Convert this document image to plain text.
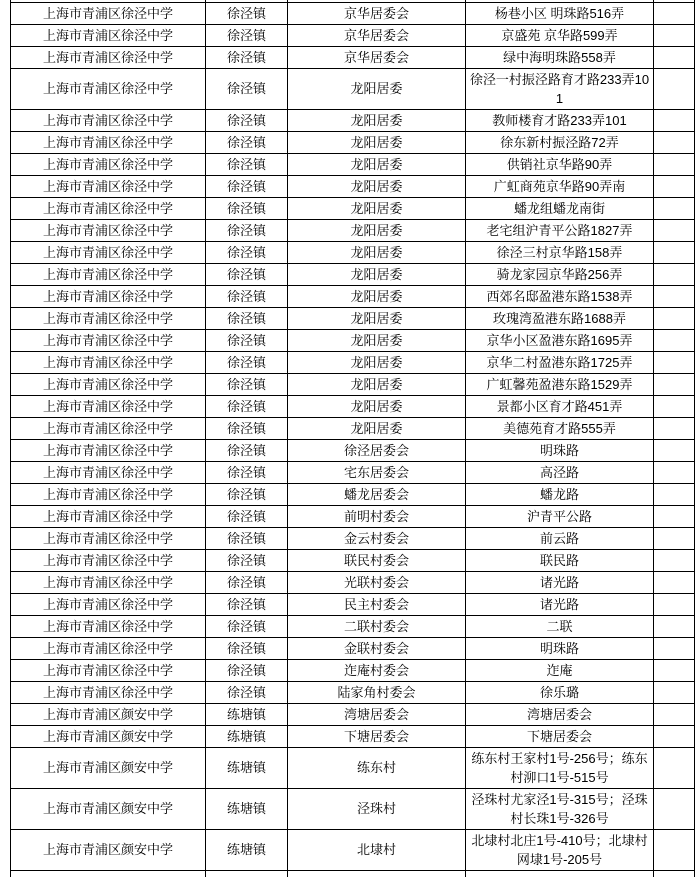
上海市青浦区徐泾中学	徐泾镇	京华居委会	杨巷小区 明珠路516弄	
上海市青浦区徐泾中学	徐泾镇	京华居委会	京盛苑 京华路599弄	
上海市青浦区徐泾中学	徐泾镇	京华居委会	绿中海明珠路558弄	
上海市青浦区徐泾中学	徐泾镇	龙阳居委	徐泾一村振泾路育才路233弄101	
上海市青浦区徐泾中学	徐泾镇	龙阳居委	教师楼育才路233弄101	
上海市青浦区徐泾中学	徐泾镇	龙阳居委	徐东新村振泾路72弄	
上海市青浦区徐泾中学	徐泾镇	龙阳居委	供销社京华路90弄	
上海市青浦区徐泾中学	徐泾镇	龙阳居委	广虹商苑京华路90弄南	
上海市青浦区徐泾中学	徐泾镇	龙阳居委	蟠龙组蟠龙南街	
上海市青浦区徐泾中学	徐泾镇	龙阳居委	老宅组沪青平公路1827弄	
上海市青浦区徐泾中学	徐泾镇	龙阳居委	徐泾三村京华路158弄	
上海市青浦区徐泾中学	徐泾镇	龙阳居委	骑龙家园京华路256弄	
上海市青浦区徐泾中学	徐泾镇	龙阳居委	西郊名邸盈港东路1538弄	
上海市青浦区徐泾中学	徐泾镇	龙阳居委	玫瑰湾盈港东路1688弄	
上海市青浦区徐泾中学	徐泾镇	龙阳居委	京华小区盈港东路1695弄	
上海市青浦区徐泾中学	徐泾镇	龙阳居委	京华二村盈港东路1725弄	
上海市青浦区徐泾中学	徐泾镇	龙阳居委	广虹馨苑盈港东路1529弄	
上海市青浦区徐泾中学	徐泾镇	龙阳居委	景都小区育才路451弄	
上海市青浦区徐泾中学	徐泾镇	龙阳居委	美德苑育才路555弄	
上海市青浦区徐泾中学	徐泾镇	徐泾居委会	明珠路	
上海市青浦区徐泾中学	徐泾镇	宅东居委会	高泾路	
上海市青浦区徐泾中学	徐泾镇	蟠龙居委会	蟠龙路	
上海市青浦区徐泾中学	徐泾镇	前明村委会	沪青平公路	
上海市青浦区徐泾中学	徐泾镇	金云村委会	前云路	
上海市青浦区徐泾中学	徐泾镇	联民村委会	联民路	
上海市青浦区徐泾中学	徐泾镇	光联村委会	诸光路	
上海市青浦区徐泾中学	徐泾镇	民主村委会	诸光路	
上海市青浦区徐泾中学	徐泾镇	二联村委会	二联	
上海市青浦区徐泾中学	徐泾镇	金联村委会	明珠路	
上海市青浦区徐泾中学	徐泾镇	迮庵村委会	迮庵	
上海市青浦区徐泾中学	徐泾镇	陆家角村委会	徐乐璐	
上海市青浦区颜安中学	练塘镇	湾塘居委会	湾塘居委会	
上海市青浦区颜安中学	练塘镇	下塘居委会	下塘居委会	
上海市青浦区颜安中学	练塘镇	练东村	练东村王家村1号-256号；练东村泖口1号-515号	
上海市青浦区颜安中学	练塘镇	泾珠村	泾珠村尤家泾1号-315号；泾珠村长珠1号-326号	
上海市青浦区颜安中学	练塘镇	北埭村	北埭村北庄1号-410号；北埭村网埭1号-205号	
